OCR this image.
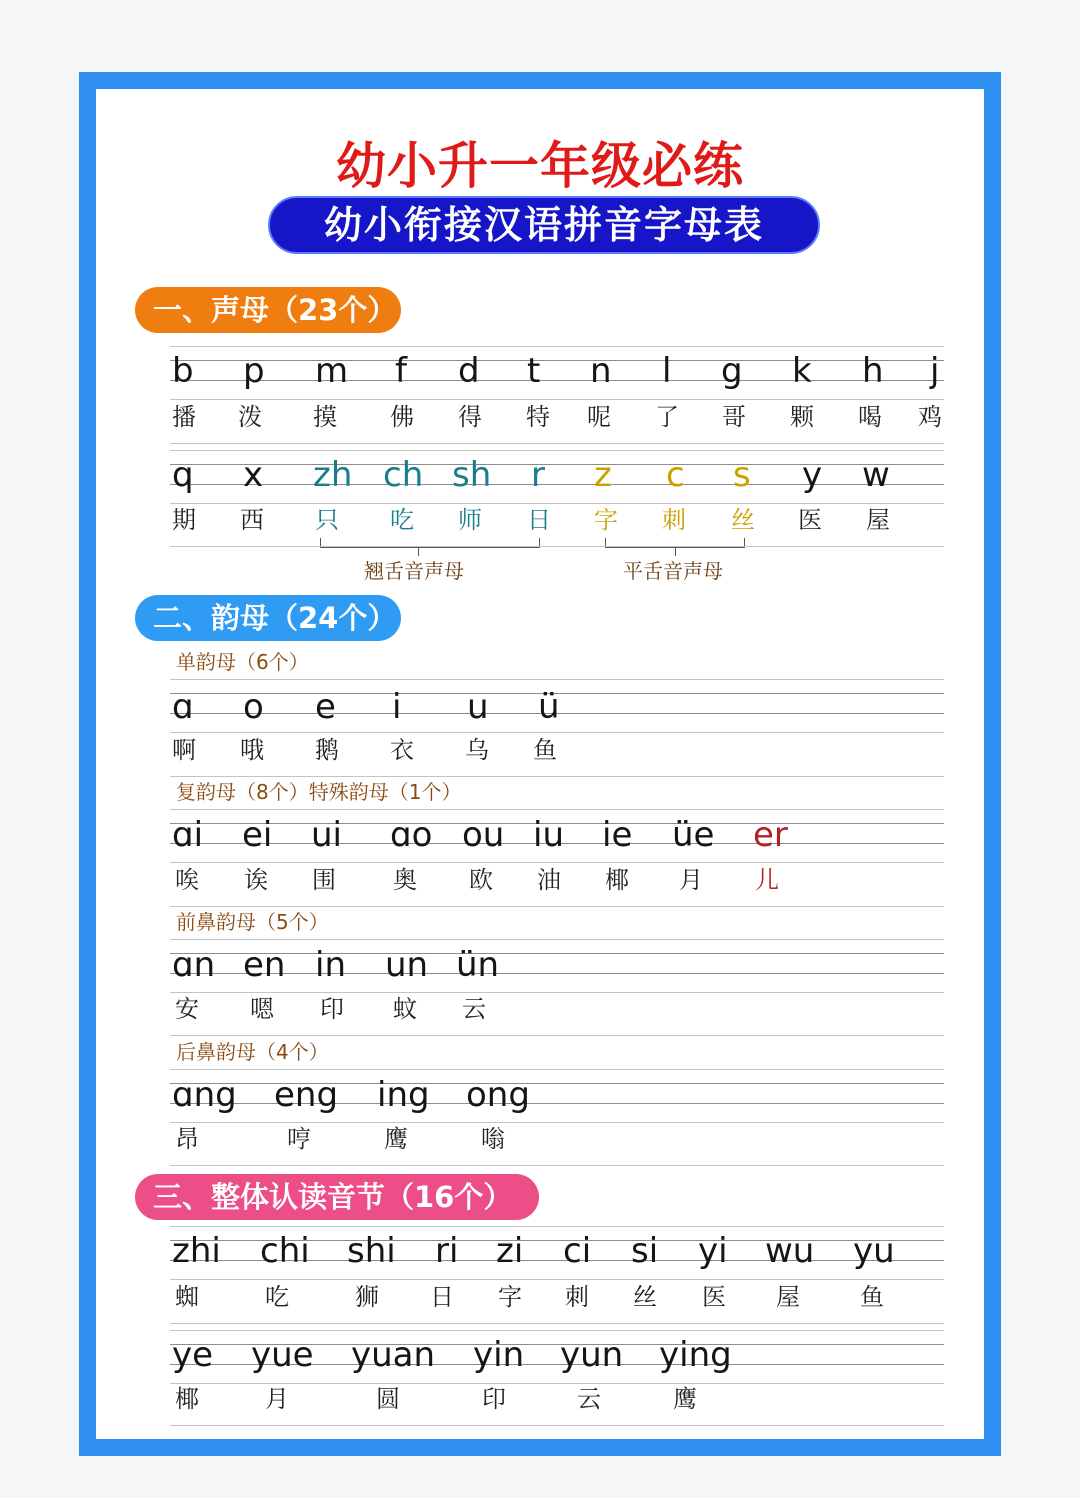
幼小升一年级必练
幼小衔接汉语拼音字母表
一、声母（23个）
二、韵母（24个）
三、整体认读音节（16个）
单韵母（6个）
复韵母（8个）特殊韵母（1个）
前鼻韵母（5个）
后鼻韵母（4个）
翘舌音声母	平舌音声母
b
播
p
泼
m
摸
f
佛
d
得
t
特
n
呢
l
了
g
哥
k
颗
h
喝
j
鸡
q
期
x
西
zh
只
ch
吃
sh
师
r
日
z
字
c
刺
s
丝
y
医
w
屋
ɑ
啊
o
哦
e
鹅
i
衣
u
乌
ü
鱼
ɑi
唉
ei
诶
ui
围
ɑo
奥
ou
欧
iu
油
ie
椰
üe
月
er
儿
ɑn
安
en
嗯
in
印
un
蚊
ün
云
ɑng
昂
eng
哼
ing
鹰
ong
嗡
zhi
蜘
chi
吃
shi
狮
ri
日
zi
字
ci
刺
si
丝
yi
医
wu
屋
yu
鱼
ye
椰
yue
月
yuan
圆
yin
印
yun
云
ying
鹰
